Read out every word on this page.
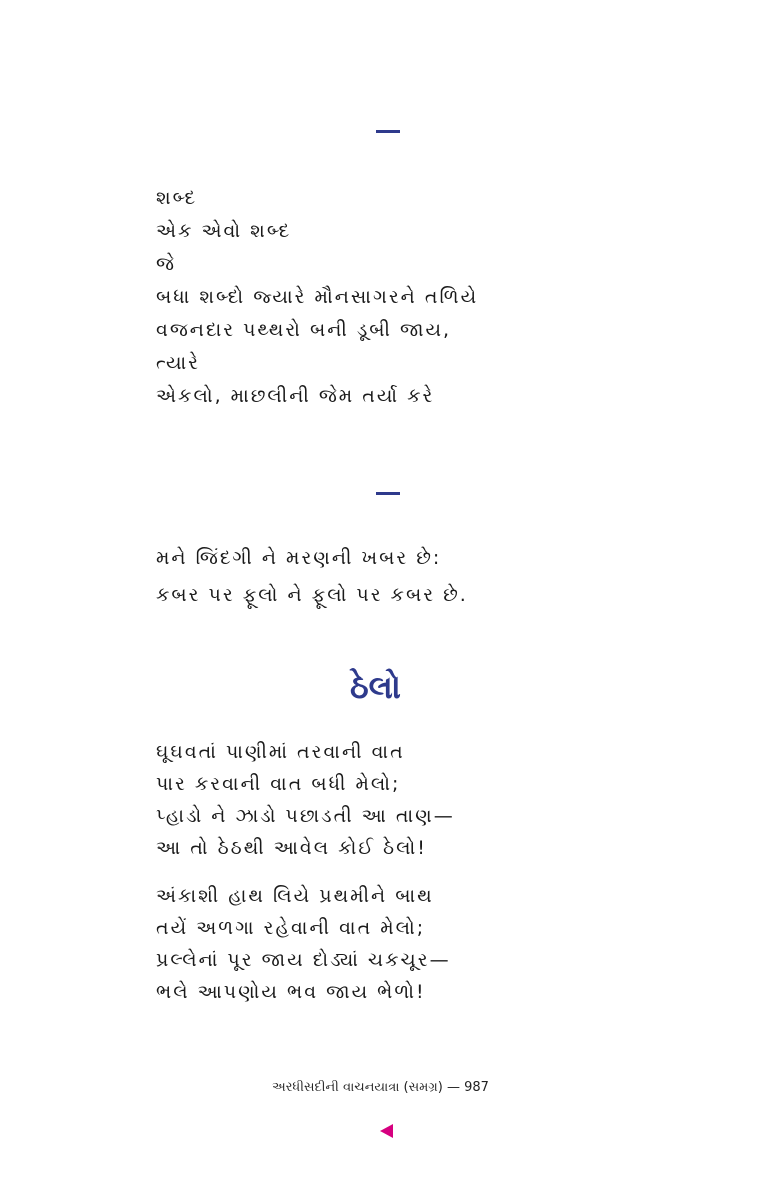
શબ્દ
એક એવો શબ્દ
જે
બધા શબ્દો જ્યારે મૌનસાગરને તળિયે
વજનદાર પથ્થરો બની ડૂબી જાય,
ત્યારે
એકલો, માછલીની જેમ તર્યા કરે
મને જિંદગી ને મરણની ખબર છે:
કબર પર ફૂલો ને ફૂલો પર કબર છે.
ઠેલો
ઘૂઘવતાં પાણીમાં તરવાની વાત
પાર કરવાની વાત બધી મેલો;
પ્હાડો ને ઝાડો પછાડતી આ તાણ—
આ તો ઠેઠથી આવેલ કોઈ ઠેલો!
અંકાશી હાથ લિયે પ્રથમીને બાથ
તયેં અળગા રહેવાની વાત મેલો;
પ્રલ્લેનાં પૂર જાય દોડ્યાં ચકચૂર—
ભલે આપણોય ભવ જાય ભેળો!
અરધીસદીની વાચનયાત્રા (સમગ્ર) — 987
